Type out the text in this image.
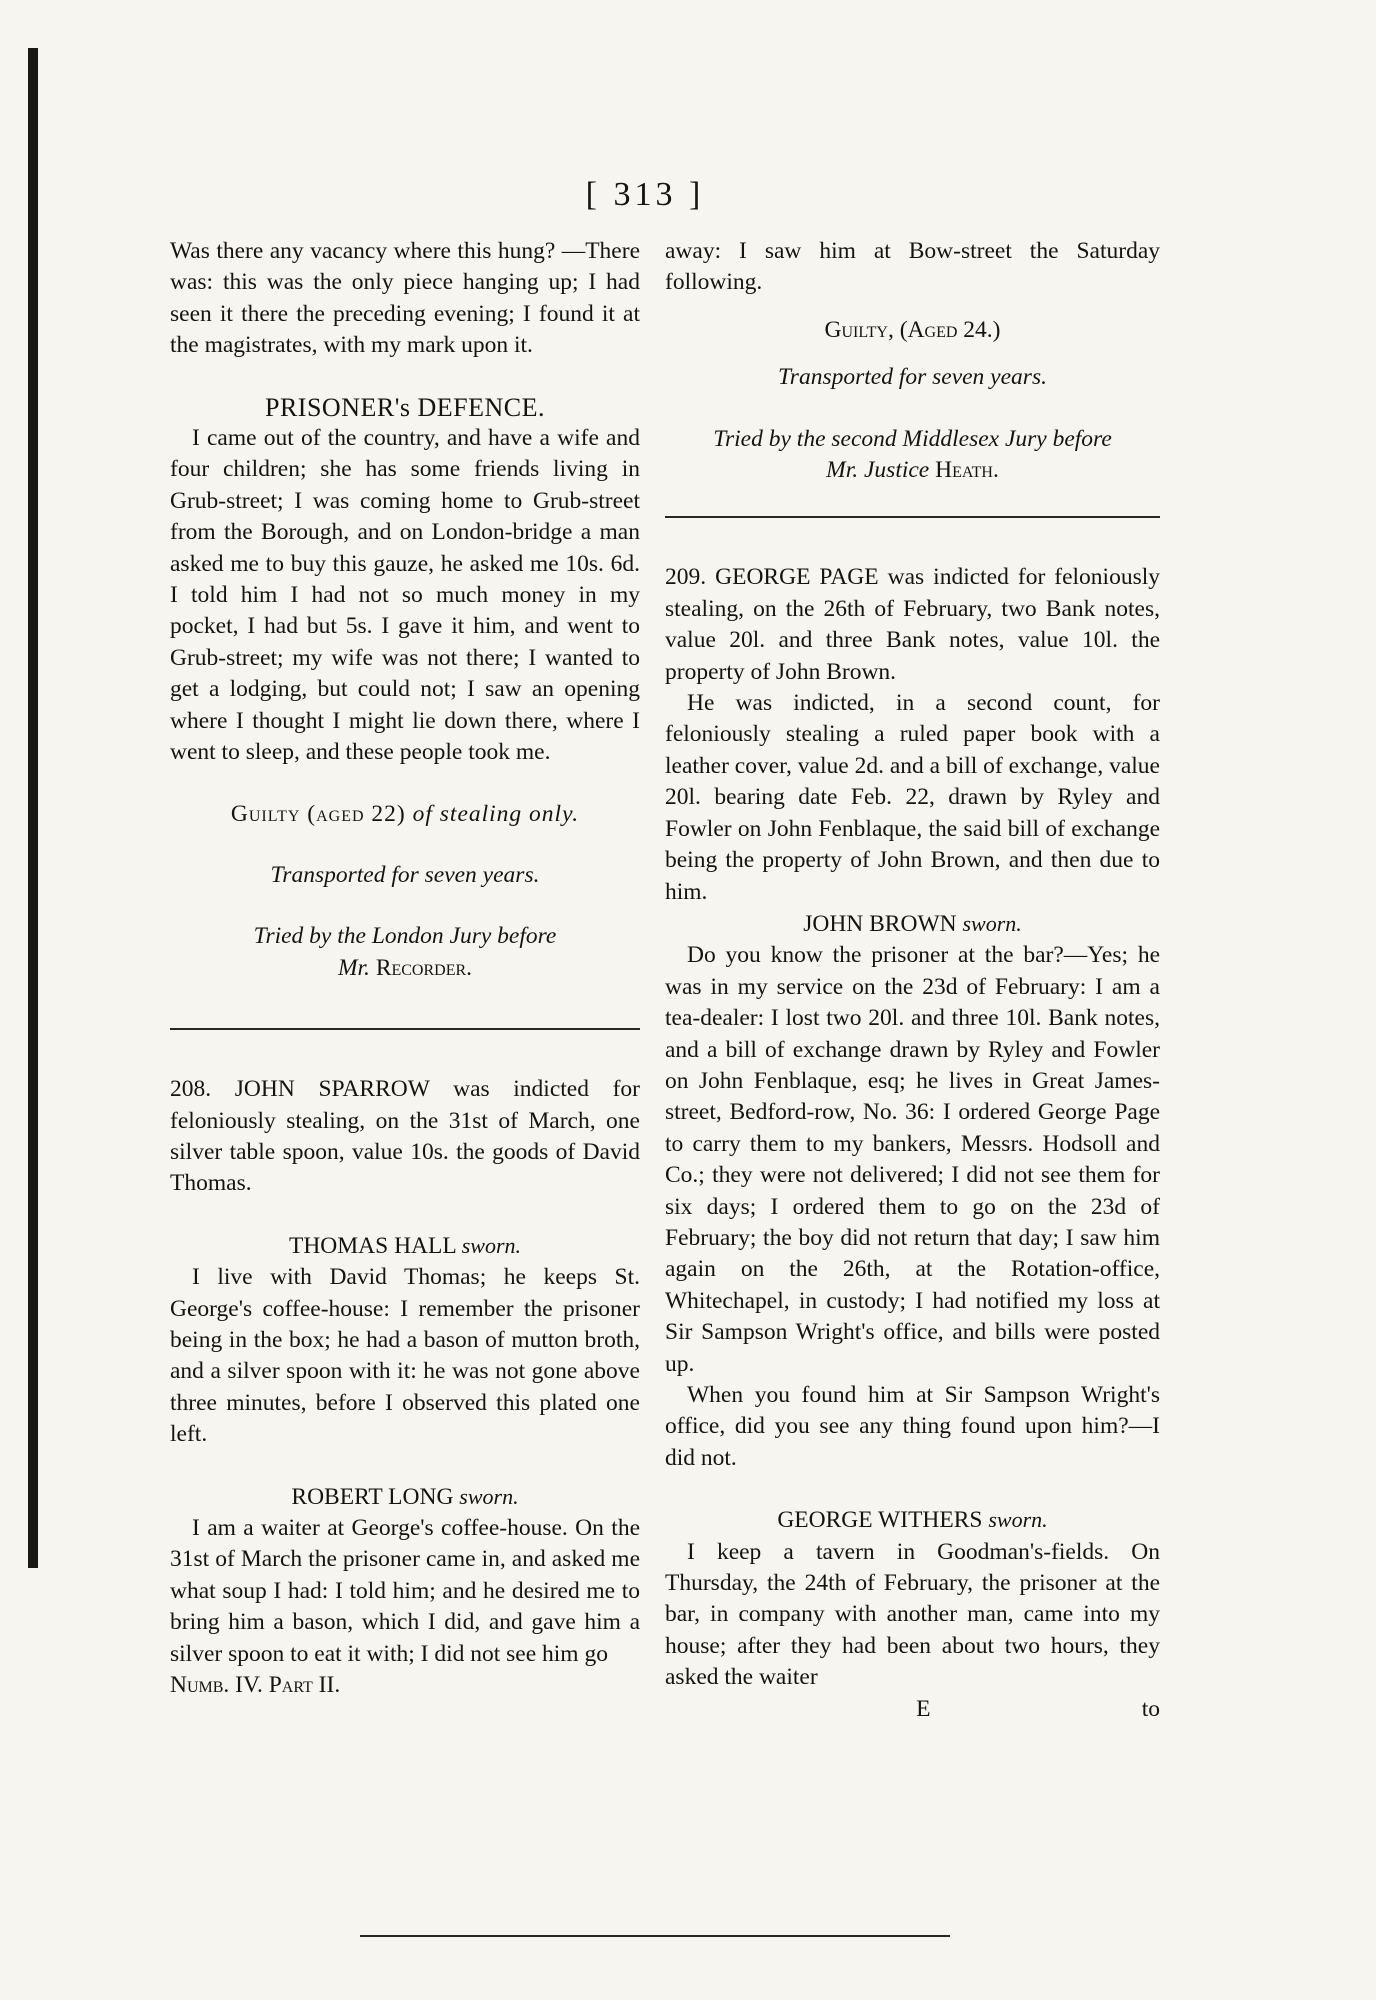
[ 313 ]

Was there any vacancy where this hung? —There was: this was the only piece hanging up; I had seen it there the preceding evening; I found it at the magistrates, with my mark upon it.

PRISONER's DEFENCE.

I came out of the country, and have a wife and four children; she has some friends living in Grub-street; I was coming home to Grub-street from the Borough, and on London-bridge a man asked me to buy this gauze, he asked me 10s. 6d. I told him I had not so much money in my pocket, I had but 5s. I gave it him, and went to Grub-street; my wife was not there; I wanted to get a lodging, but could not; I saw an opening where I thought I might lie down there, where I went to sleep, and these people took me.

Guilty (aged 22) of stealing only.

Transported for seven years.

Tried by the London Jury before

Mr. Recorder.

208. JOHN SPARROW was indicted for feloniously stealing, on the 31st of March, one silver table spoon, value 10s. the goods of David Thomas.

THOMAS HALL sworn.

I live with David Thomas; he keeps St. George's coffee-house: I remember the prisoner being in the box; he had a bason of mutton broth, and a silver spoon with it: he was not gone above three minutes, before I observed this plated one left.

ROBERT LONG sworn.

I am a waiter at George's coffee-house. On the 31st of March the prisoner came in, and asked me what soup I had: I told him; and he desired me to bring him a bason, which I did, and gave him a silver spoon to eat it with; I did not see him go

Numb. IV. Part II.

away: I saw him at Bow-street the Saturday following.

Guilty, (Aged 24.)

Transported for seven years.

Tried by the second Middlesex Jury before

Mr. Justice Heath.

209. GEORGE PAGE was indicted for feloniously stealing, on the 26th of February, two Bank notes, value 20l. and three Bank notes, value 10l. the property of John Brown.

He was indicted, in a second count, for feloniously stealing a ruled paper book with a leather cover, value 2d. and a bill of exchange, value 20l. bearing date Feb. 22, drawn by Ryley and Fowler on John Fenblaque, the said bill of exchange being the property of John Brown, and then due to him.

JOHN BROWN sworn.

Do you know the prisoner at the bar?—Yes; he was in my service on the 23d of February: I am a tea-dealer: I lost two 20l. and three 10l. Bank notes, and a bill of exchange drawn by Ryley and Fowler on John Fenblaque, esq; he lives in Great James-street, Bedford-row, No. 36: I ordered George Page to carry them to my bankers, Messrs. Hodsoll and Co.; they were not delivered; I did not see them for six days; I ordered them to go on the 23d of February; the boy did not return that day; I saw him again on the 26th, at the Rotation-office, Whitechapel, in custody; I had notified my loss at Sir Sampson Wright's office, and bills were posted up.

When you found him at Sir Sampson Wright's office, did you see any thing found upon him?—I did not.

GEORGE WITHERS sworn.

I keep a tavern in Goodman's-fields. On Thursday, the 24th of February, the prisoner at the bar, in company with another man, came into my house; after they had been about two hours, they asked the waiter

E	to
